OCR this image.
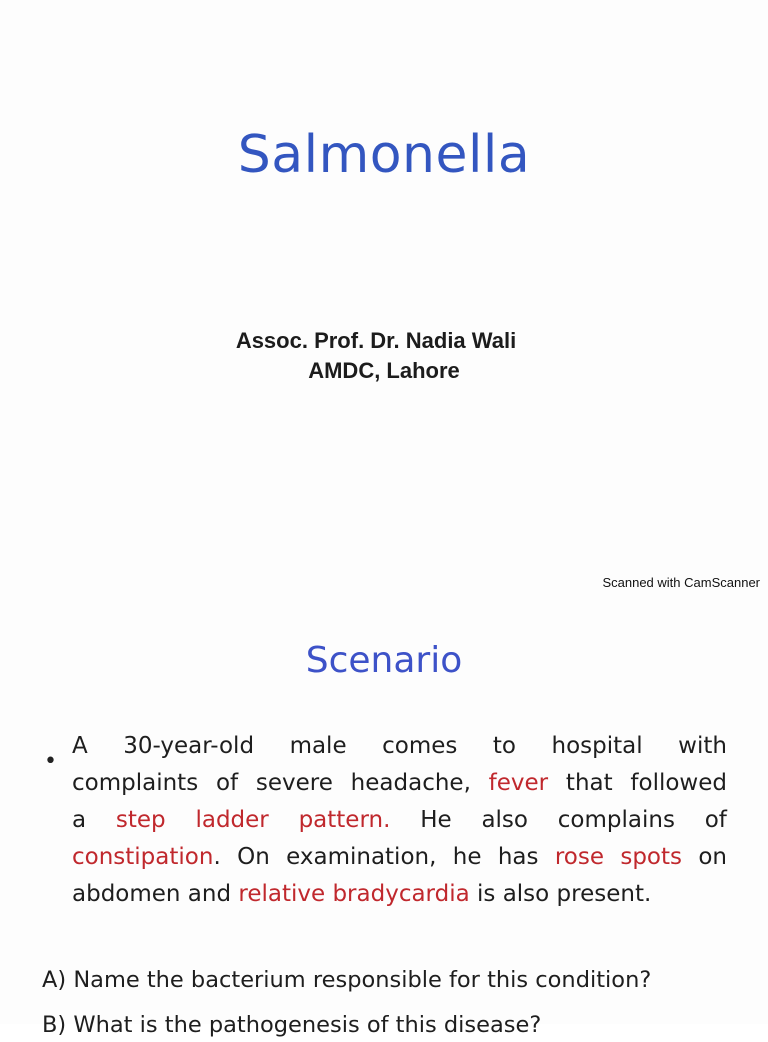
Salmonella
Assoc. Prof. Dr. Nadia Wali
AMDC, Lahore
Scanned with CamScanner
Scenario
•
A 30-year-old male comes to hospital with
complaints of severe headache, fever that followed
a step ladder pattern. He also complains of
constipation. On examination, he has rose spots on
abdomen and relative bradycardia is also present.
A) Name the bacterium responsible for this condition?
B) What is the pathogenesis of this disease?
